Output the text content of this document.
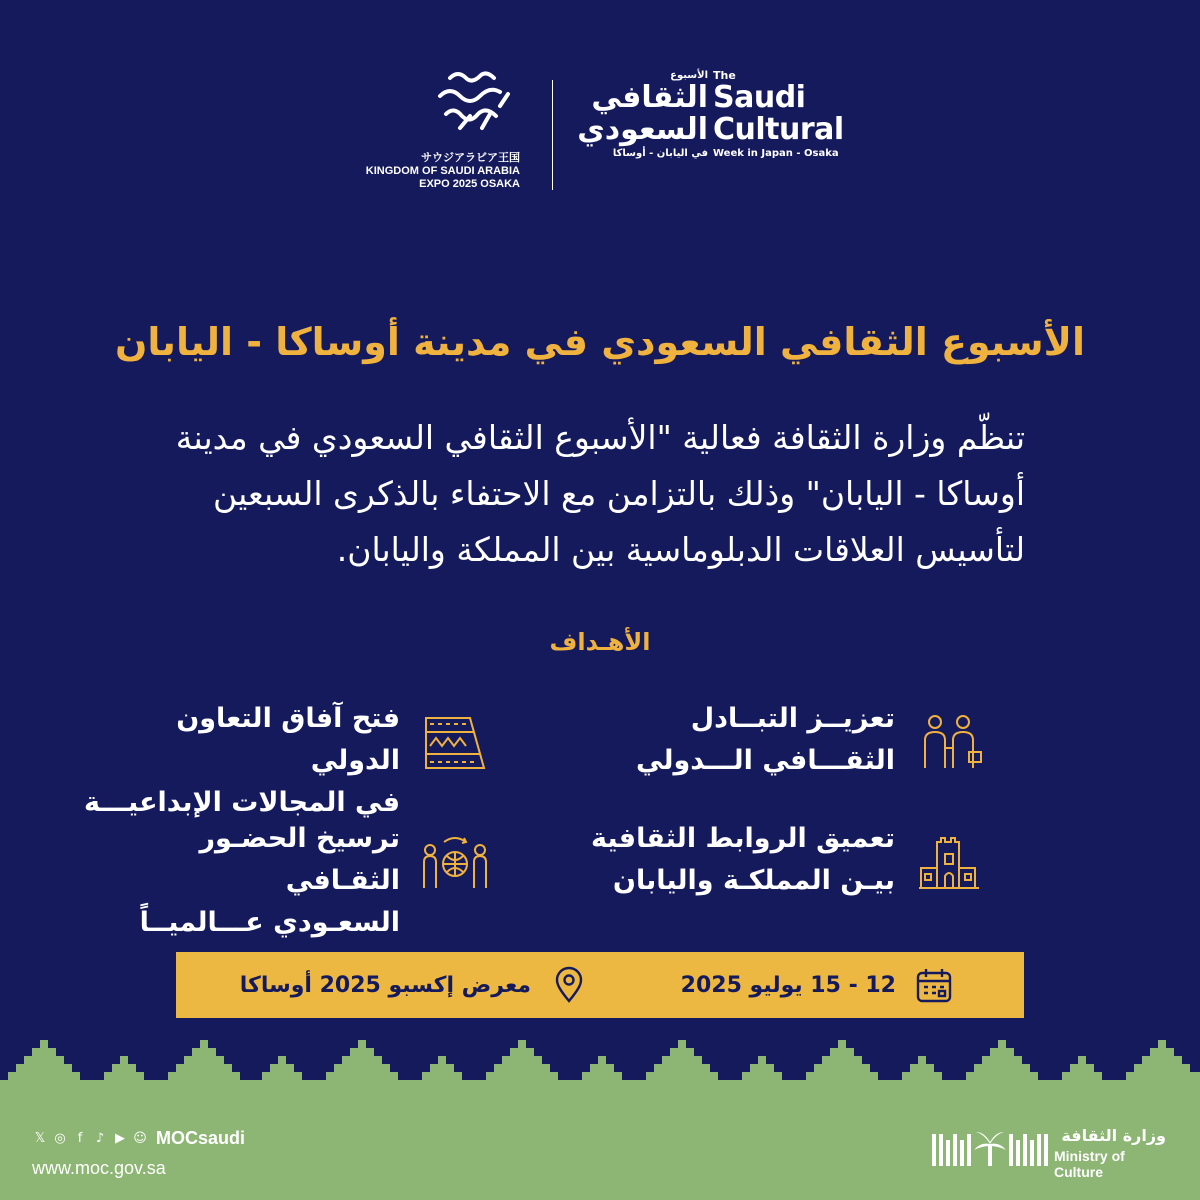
サウジアラビア王国
KINGDOM OF SAUDI ARABIA
EXPO 2025 OSAKA
الأسبوع
الثقافي
السعودي
في اليابان - أوساكا
The
Saudi
Cultural
Week in Japan - Osaka
الأسبوع الثقافي السعودي في مدينة أوساكا - اليابان
تنظّم وزارة الثقافة فعالية "الأسبوع الثقافي السعودي في مدينة أوساكا - اليابان" وذلك بالتزامن مع الاحتفاء بالذكرى السبعين لتأسيس العلاقات الدبلوماسية بين المملكة واليابان.
الأهـداف
تعزيــز التبــادل
الثقـــافي الـــدولي
فتح آفاق التعاون الدولي
في المجالات الإبداعيـــة
تعميق الروابط الثقافية
بيـن المملكـة واليابان
ترسيخ الحضـور الثقـافي
السعـودي عـــالميــاً
12 - 15 يوليو 2025
معرض إكسبو 2025 أوساكا
𝕏 ◎ f	♪ ▶ ☺ MOCsaudi
www.moc.gov.sa
وزارة الثقافة
Ministry of Culture
